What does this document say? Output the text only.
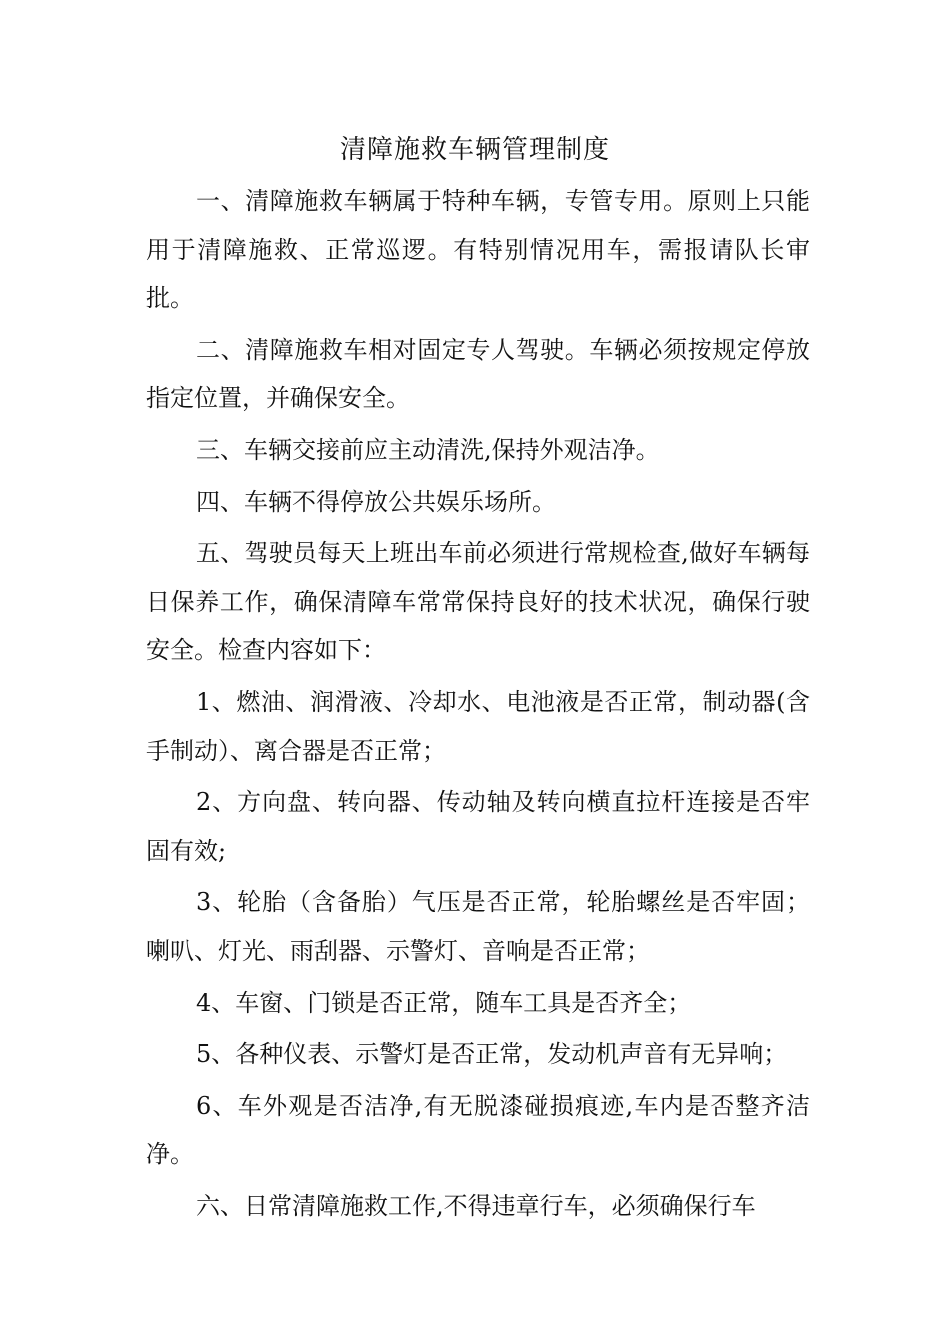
清障施救车辆管理制度

一、清障施救车辆属于特种车辆，专管专用。原则上只能用于清障施救、正常巡逻。有特别情况用车，需报请队长审批。

二、清障施救车相对固定专人驾驶。车辆必须按规定停放指定位置，并确保安全。

三、车辆交接前应主动清洗,保持外观洁净。

四、车辆不得停放公共娱乐场所。

五、驾驶员每天上班出车前必须进行常规检查,做好车辆每日保养工作，确保清障车常常保持良好的技术状况，确保行驶安全。检查内容如下：

1、燃油、润滑液、冷却水、电池液是否正常，制动器(含手制动）、离合器是否正常；

2、方向盘、转向器、传动轴及转向横直拉杆连接是否牢固有效;

3、轮胎（含备胎）气压是否正常，轮胎螺丝是否牢固；喇叭、灯光、雨刮器、示警灯、音响是否正常；

4、车窗、门锁是否正常，随车工具是否齐全；

5、各种仪表、示警灯是否正常，发动机声音有无异响；

6、车外观是否洁净,有无脱漆碰损痕迹,车内是否整齐洁净。

六、日常清障施救工作,不得违章行车，必须确保行车
